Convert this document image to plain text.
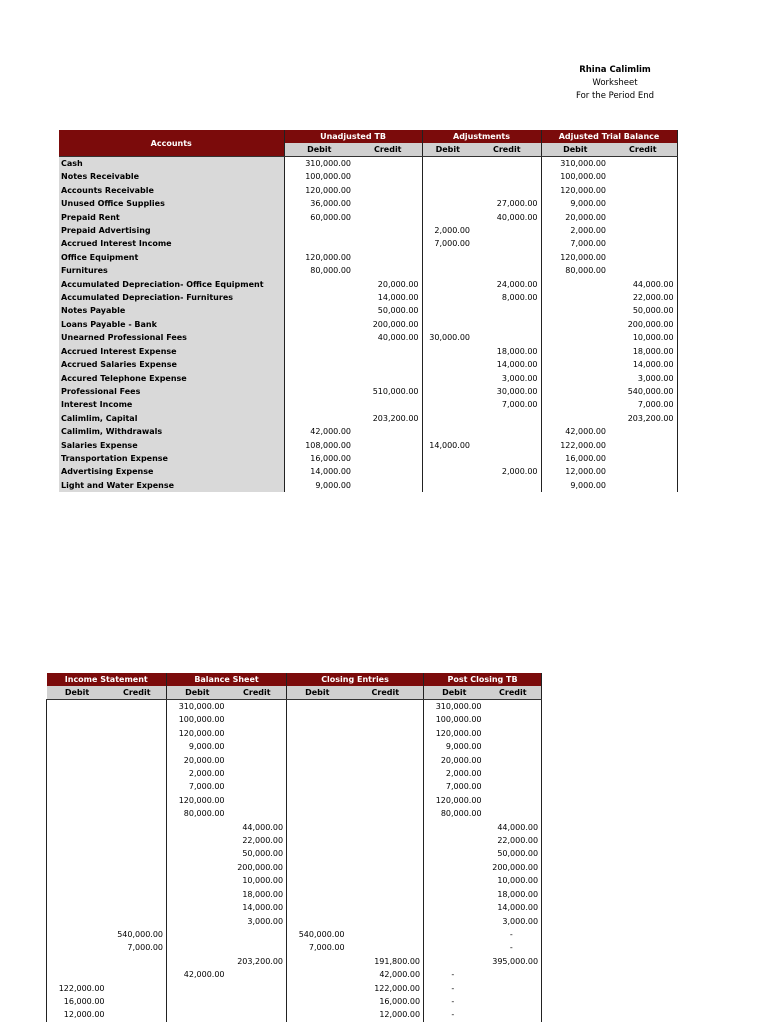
Rhina Calimlim
Worksheet
For the Period End
Accounts	Unadjusted TB		Adjustments		Adjusted Trial Balance	
	Debit	Credit	Debit	Credit	Debit	Credit
Cash	310,000.00				310,000.00	
Notes Receivable	100,000.00				100,000.00	
Accounts Receivable	120,000.00				120,000.00	
Unused Office Supplies	36,000.00			27,000.00	9,000.00	
Prepaid Rent	60,000.00			40,000.00	20,000.00	
Prepaid Advertising			2,000.00		2,000.00	
Accrued Interest Income			7,000.00		7,000.00	
Office Equipment	120,000.00				120,000.00	
Furnitures	80,000.00				80,000.00	
Accumulated Depreciation- Office Equipment		20,000.00		24,000.00		44,000.00
Accumulated Depreciation- Furnitures		14,000.00		8,000.00		22,000.00
Notes Payable		50,000.00				50,000.00
Loans Payable - Bank		200,000.00				200,000.00
Unearned Professional Fees		40,000.00	30,000.00			10,000.00
Accrued Interest Expense				18,000.00		18,000.00
Accrued Salaries Expense				14,000.00		14,000.00
Accured Telephone Expense				3,000.00		3,000.00
Professional Fees		510,000.00		30,000.00		540,000.00
Interest Income				7,000.00		7,000.00
Calimlim, Capital		203,200.00				203,200.00
Calimlim, Withdrawals	42,000.00				42,000.00	
Salaries Expense	108,000.00		14,000.00		122,000.00	
Transportation Expense	16,000.00				16,000.00	
Advertising Expense	14,000.00			2,000.00	12,000.00	
Light and Water Expense	9,000.00				9,000.00	
Income Statement		Balance Sheet		Closing Entries		Post Closing TB	
Debit	Credit	Debit	Credit	Debit	Credit	Debit	Credit
		310,000.00				310,000.00	
		100,000.00				100,000.00	
		120,000.00				120,000.00	
		9,000.00				9,000.00	
		20,000.00				20,000.00	
		2,000.00				2,000.00	
		7,000.00				7,000.00	
		120,000.00				120,000.00	
		80,000.00				80,000.00	
			44,000.00				44,000.00
			22,000.00				22,000.00
			50,000.00				50,000.00
			200,000.00				200,000.00
			10,000.00				10,000.00
			18,000.00				18,000.00
			14,000.00				14,000.00
			3,000.00				3,000.00
	540,000.00			540,000.00			-
	7,000.00			7,000.00			-
			203,200.00		191,800.00		395,000.00
		42,000.00			42,000.00	-	
122,000.00					122,000.00	-	
16,000.00					16,000.00	-	
12,000.00					12,000.00	-	
